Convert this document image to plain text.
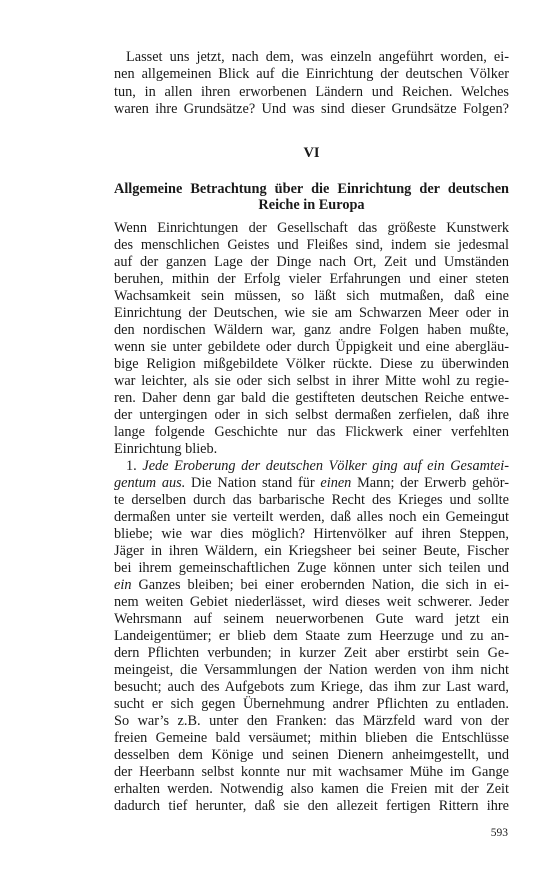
Lasset uns jetzt, nach dem, was einzeln angeführt worden, ei-
nen allgemeinen Blick auf die Einrichtung der deutschen Völker
tun, in allen ihren erworbenen Ländern und Reichen. Welches
waren ihre Grundsätze? Und was sind dieser Grundsätze Folgen?
VI
Allgemeine Betrachtung über die Einrichtung der deutschen
Reiche in Europa
Wenn Einrichtungen der Gesellschaft das größeste Kunstwerk
des menschlichen Geistes und Fleißes sind, indem sie jedesmal
auf der ganzen Lage der Dinge nach Ort, Zeit und Umständen
beruhen, mithin der Erfolg vieler Erfahrungen und einer steten
Wachsamkeit sein müssen, so läßt sich mutmaßen, daß eine
Einrichtung der Deutschen, wie sie am Schwarzen Meer oder in
den nordischen Wäldern war, ganz andre Folgen haben mußte,
wenn sie unter gebildete oder durch Üppigkeit und eine abergläu-
bige Religion mißgebildete Völker rückte. Diese zu überwinden
war leichter, als sie oder sich selbst in ihrer Mitte wohl zu regie-
ren. Daher denn gar bald die gestifteten deutschen Reiche entwe-
der untergingen oder in sich selbst dermaßen zerfielen, daß ihre
lange folgende Geschichte nur das Flickwerk einer verfehlten
Einrichtung blieb.
1. Jede Eroberung der deutschen Völker ging auf ein Gesamtei-
gentum aus. Die Nation stand für einen Mann; der Erwerb gehör-
te derselben durch das barbarische Recht des Krieges und sollte
dermaßen unter sie verteilt werden, daß alles noch ein Gemeingut
bliebe; wie war dies möglich? Hirtenvölker auf ihren Steppen,
Jäger in ihren Wäldern, ein Kriegsheer bei seiner Beute, Fischer
bei ihrem gemeinschaftlichen Zuge können unter sich teilen und
ein Ganzes bleiben; bei einer erobernden Nation, die sich in ei-
nem weiten Gebiet niederlässet, wird dieses weit schwerer. Jeder
Wehrsmann auf seinem neuerworbenen Gute ward jetzt ein
Landeigentümer; er blieb dem Staate zum Heerzuge und zu an-
dern Pflichten verbunden; in kurzer Zeit aber erstirbt sein Ge-
meingeist, die Versammlungen der Nation werden von ihm nicht
besucht; auch des Aufgebots zum Kriege, das ihm zur Last ward,
sucht er sich gegen Übernehmung andrer Pflichten zu entladen.
So war’s z.B. unter den Franken: das Märzfeld ward von der
freien Gemeine bald versäumet; mithin blieben die Entschlüsse
desselben dem Könige und seinen Dienern anheimgestellt, und
der Heerbann selbst konnte nur mit wachsamer Mühe im Gange
erhalten werden. Notwendig also kamen die Freien mit der Zeit
dadurch tief herunter, daß sie den allezeit fertigen Rittern ihre
593
